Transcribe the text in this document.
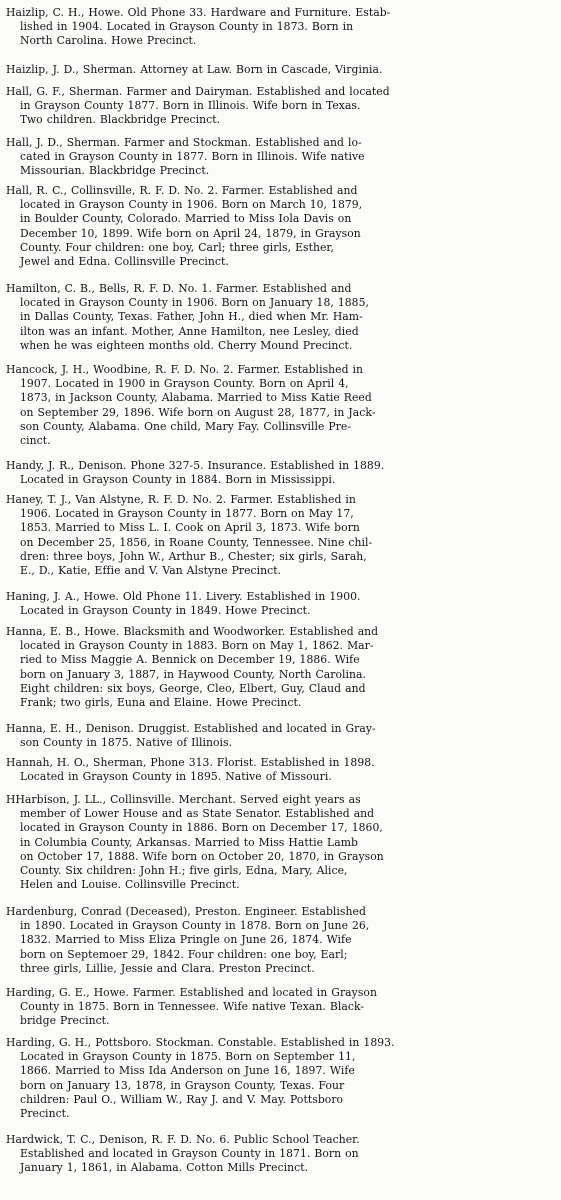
Haizlip, C. H., Howe. Old Phone 33. Hardware and Furniture. Estab-
lished in 1904. Located in Grayson County in 1873. Born in
North Carolina. Howe Precinct.
Haizlip, J. D., Sherman. Attorney at Law. Born in Cascade, Virginia.
Hall, G. F., Sherman. Farmer and Dairyman. Established and located
in Grayson County 1877. Born in Illinois. Wife born in Texas.
Two children. Blackbridge Precinct.
Hall, J. D., Sherman. Farmer and Stockman. Established and lo-
cated in Grayson County in 1877. Born in Illinois. Wife native
Missourian. Blackbridge Precinct.
Hall, R. C., Collinsville, R. F. D. No. 2. Farmer. Established and
located in Grayson County in 1906. Born on March 10, 1879,
in Boulder County, Colorado. Married to Miss Iola Davis on
December 10, 1899. Wife born on April 24, 1879, in Grayson
County. Four children: one boy, Carl; three girls, Esther,
Jewel and Edna. Collinsville Precinct.
Hamilton, C. B., Bells, R. F. D. No. 1. Farmer. Established and
located in Grayson County in 1906. Born on January 18, 1885,
in Dallas County, Texas. Father, John H., died when Mr. Ham-
ilton was an infant. Mother, Anne Hamilton, nee Lesley, died
when he was eighteen months old. Cherry Mound Precinct.
Hancock, J. H., Woodbine, R. F. D. No. 2. Farmer. Established in
1907. Located in 1900 in Grayson County. Born on April 4,
1873, in Jackson County, Alabama. Married to Miss Katie Reed
on September 29, 1896. Wife born on August 28, 1877, in Jack-
son County, Alabama. One child, Mary Fay. Collinsville Pre-
cinct.
Handy, J. R., Denison. Phone 327-5. Insurance. Established in 1889.
Located in Grayson County in 1884. Born in Mississippi.
Haney, T. J., Van Alstyne, R. F. D. No. 2. Farmer. Established in
1906. Located in Grayson County in 1877. Born on May 17,
1853. Married to Miss L. I. Cook on April 3, 1873. Wife born
on December 25, 1856, in Roane County, Tennessee. Nine chil-
dren: three boys, John W., Arthur B., Chester; six girls, Sarah,
E., D., Katie, Effie and V. Van Alstyne Precinct.
Haning, J. A., Howe. Old Phone 11. Livery. Established in 1900.
Located in Grayson County in 1849. Howe Precinct.
Hanna, E. B., Howe. Blacksmith and Woodworker. Established and
located in Grayson County in 1883. Born on May 1, 1862. Mar-
ried to Miss Maggie A. Bennick on December 19, 1886. Wife
born on January 3, 1887, in Haywood County, North Carolina.
Eight children: six boys, George, Cleo, Elbert, Guy, Claud and
Frank; two girls, Euna and Elaine. Howe Precinct.
Hanna, E. H., Denison. Druggist. Established and located in Gray-
son County in 1875. Native of Illinois.
Hannah, H. O., Sherman, Phone 313. Florist. Established in 1898.
Located in Grayson County in 1895. Native of Missouri.
HHarbison, J. LL., Collinsville. Merchant. Served eight years as
member of Lower House and as State Senator. Established and
located in Grayson County in 1886. Born on December 17, 1860,
in Columbia County, Arkansas. Married to Miss Hattie Lamb
on October 17, 1888. Wife born on October 20, 1870, in Grayson
County. Six children: John H.; five girls, Edna, Mary, Alice,
Helen and Louise. Collinsville Precinct.
Hardenburg, Conrad (Deceased), Preston. Engineer. Established
in 1890. Located in Grayson County in 1878. Born on June 26,
1832. Married to Miss Eliza Pringle on June 26, 1874. Wife
born on Septemoer 29, 1842. Four children: one boy, Earl;
three girls, Lillie, Jessie and Clara. Preston Precinct.
Harding, G. E., Howe. Farmer. Established and located in Grayson
County in 1875. Born in Tennessee. Wife native Texan. Black-
bridge Precinct.
Harding, G. H., Pottsboro. Stockman. Constable. Established in 1893.
Located in Grayson County in 1875. Born on September 11,
1866. Married to Miss Ida Anderson on June 16, 1897. Wife
born on January 13, 1878, in Grayson County, Texas. Four
children: Paul O., William W., Ray J. and V. May. Pottsboro
Precinct.
Hardwick, T. C., Denison, R. F. D. No. 6. Public School Teacher.
Established and located in Grayson County in 1871. Born on
January 1, 1861, in Alabama. Cotton Mills Precinct.
